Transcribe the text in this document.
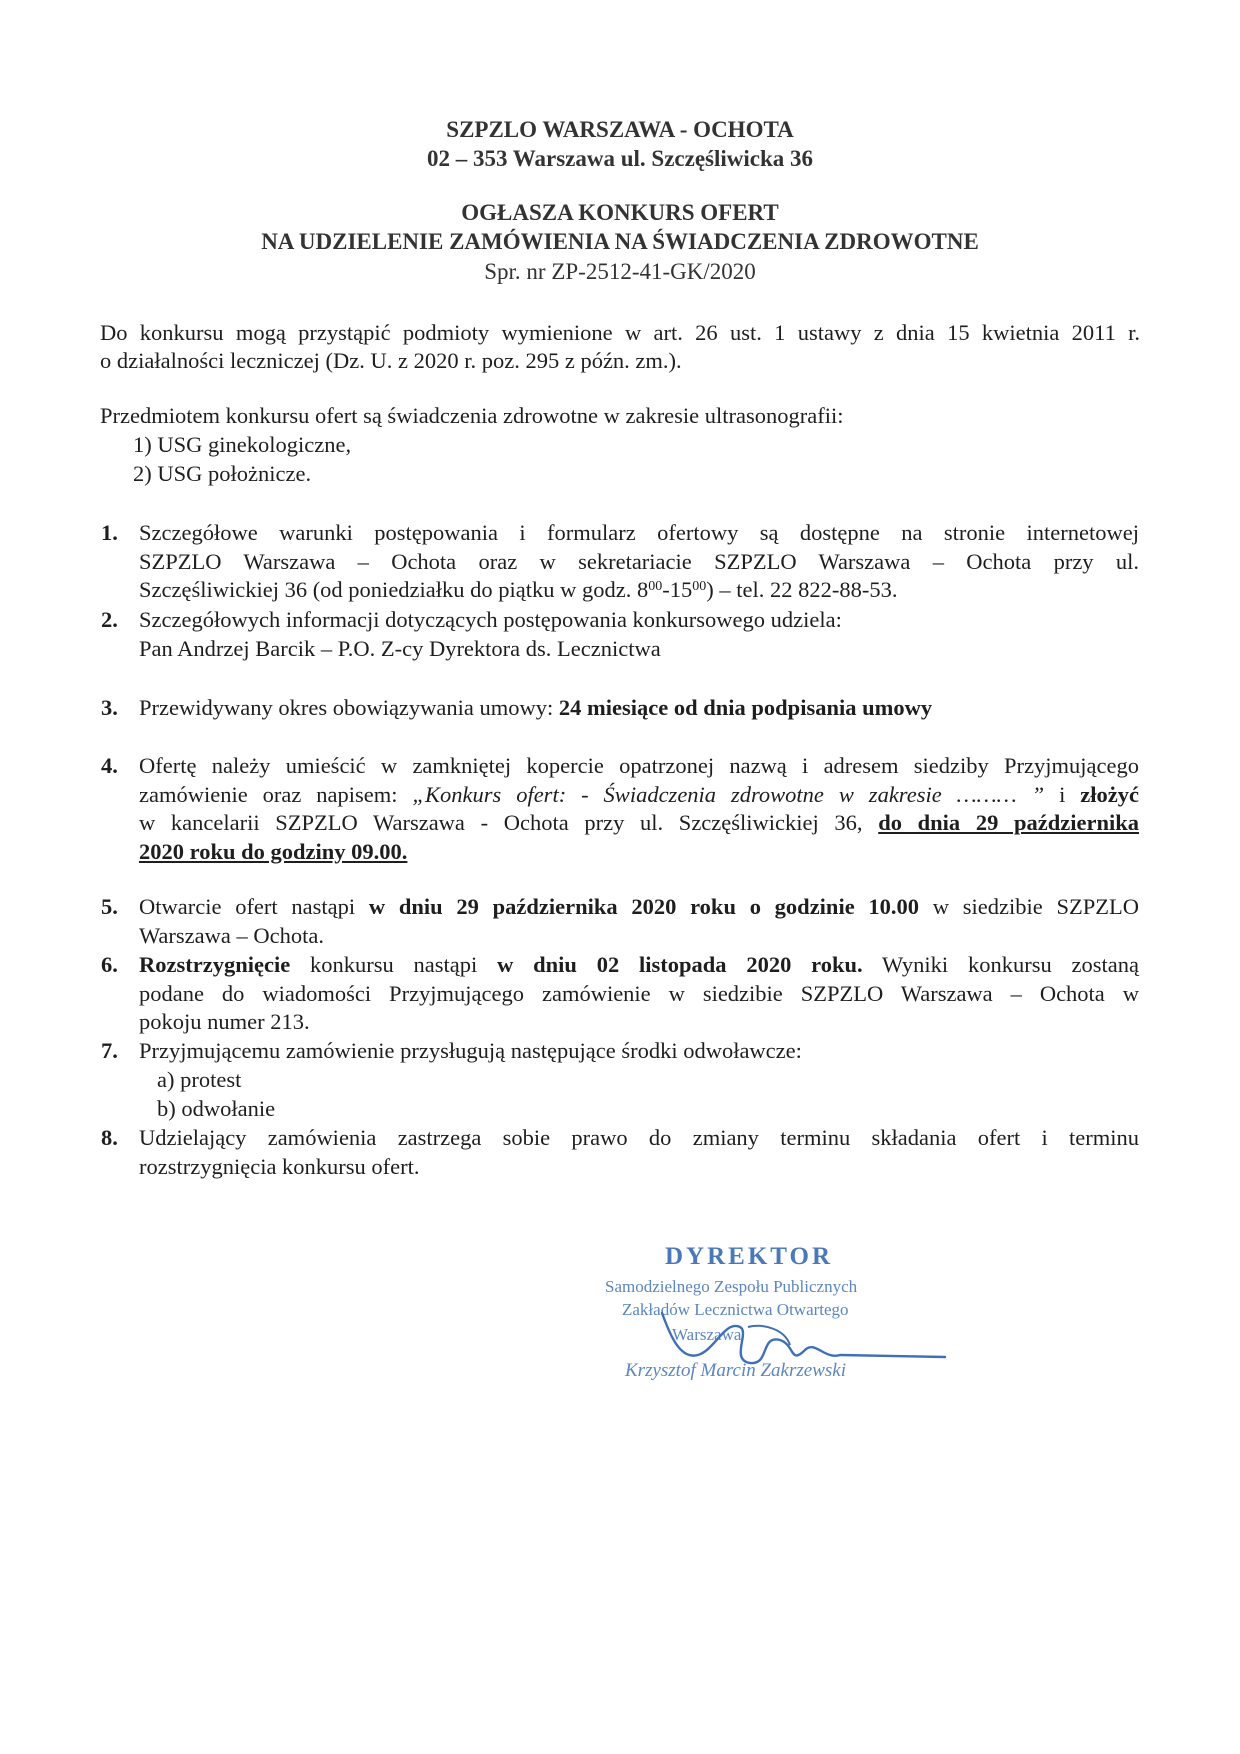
SZPZLO WARSZAWA - OCHOTA
02 – 353 Warszawa ul. Szczęśliwicka 36
OGŁASZA KONKURS OFERT
NA UDZIELENIE ZAMÓWIENIA NA ŚWIADCZENIA ZDROWOTNE
Spr. nr ZP-2512-41-GK/2020
Do konkursu mogą przystąpić podmioty wymienione w art. 26 ust. 1 ustawy z dnia 15 kwietnia 2011 r.
o działalności leczniczej (Dz. U. z 2020 r. poz. 295 z późn. zm.).
Przedmiotem konkursu ofert są świadczenia zdrowotne w zakresie ultrasonografii:
1) USG ginekologiczne,
2) USG położnicze.
1. Szczegółowe warunki postępowania i formularz ofertowy są dostępne na stronie internetowej
SZPZLO Warszawa – Ochota oraz w sekretariacie SZPZLO Warszawa – Ochota przy ul.
Szczęśliwickiej 36 (od poniedziałku do piątku w godz. $8^{00}-15^{00}$) – tel. 22 822-88-53.
2. Szczegółowych informacji dotyczących postępowania konkursowego udziela:
Pan Andrzej Barcik – P.O. Z-cy Dyrektora ds. Lecznictwa
3. Przewidywany okres obowiązywania umowy: 24 miesiące od dnia podpisania umowy
4. Ofertę należy umieścić w zamkniętej kopercie opatrzonej nazwą i adresem siedziby Przyjmującego
zamówienie oraz napisem: „Konkurs ofert: - Świadczenia zdrowotne w zakresie ……… ” i złożyć
w kancelarii SZPZLO Warszawa - Ochota przy ul. Szczęśliwickiej 36, do dnia 29 października
2020 roku do godziny 09.00.
5. Otwarcie ofert nastąpi w dniu 29 października 2020 roku o godzinie 10.00 w siedzibie SZPZLO
Warszawa – Ochota.
6. Rozstrzygnięcie konkursu nastąpi w dniu 02 listopada 2020 roku. Wyniki konkursu zostaną
podane do wiadomości Przyjmującego zamówienie w siedzibie SZPZLO Warszawa – Ochota w
pokoju numer 213.
7. Przyjmującemu zamówienie przysługują następujące środki odwoławcze:
a) protest
b) odwołanie
8. Udzielający zamówienia zastrzega sobie prawo do zmiany terminu składania ofert i terminu
rozstrzygnięcia konkursu ofert.
DYREKTOR
Samodzielnego Zespołu Publicznych
Zakładów Lecznictwa Otwartego
Warszawa
Krzysztof Marcin Zakrzewski
